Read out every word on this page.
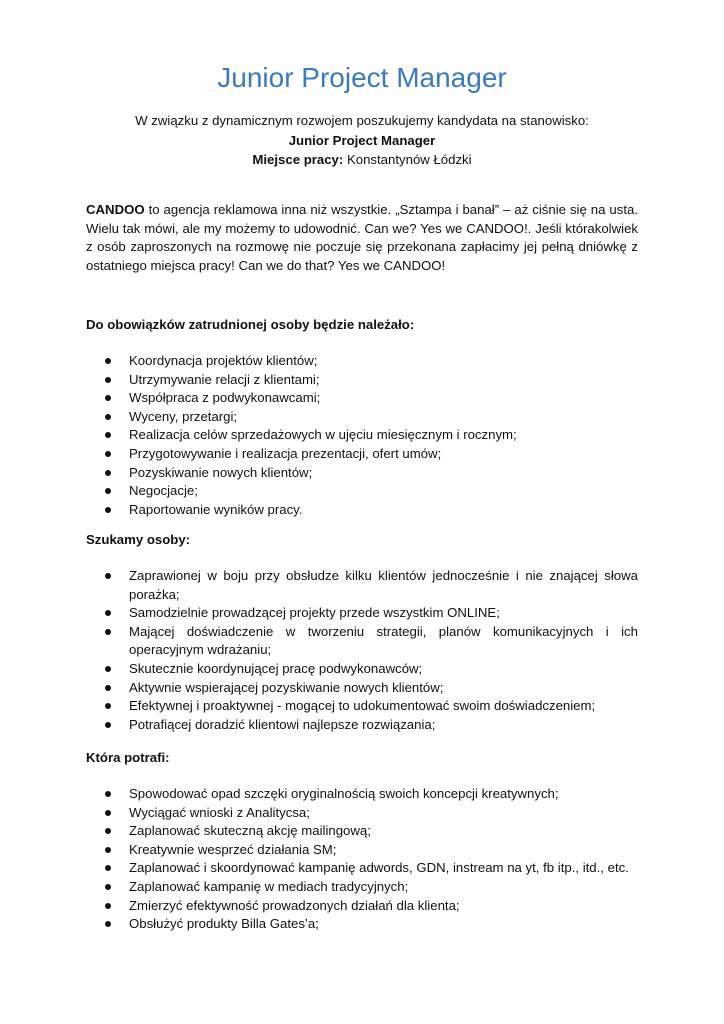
Junior Project Manager
W związku z dynamicznym rozwojem poszukujemy kandydata na stanowisko:
Junior Project Manager
Miejsce pracy: Konstantynów Łódzki

CANDOO to agencja reklamowa inna niż wszystkie. „Sztampa i banał” – aż ciśnie się na usta. Wielu tak mówi, ale my możemy to udowodnić. Can we? Yes we CANDOO!. Jeśli którakolwiek z osób zaproszonych na rozmowę nie poczuje się przekonana zapłacimy jej pełną dniówkę z ostatniego miejsca pracy! Can we do that? Yes we CANDOO!

Do obowiązków zatrudnionej osoby będzie należało:
Koordynacja projektów klientów;
Utrzymywanie relacji z klientami;
Współpraca z podwykonawcami;
Wyceny, przetargi;
Realizacja celów sprzedażowych w ujęciu miesięcznym i rocznym;
Przygotowywanie i realizacja prezentacji, ofert umów;
Pozyskiwanie nowych klientów;
Negocjacje;
Raportowanie wyników pracy.
Szukamy osoby:
Zaprawionej w boju przy obsłudze kilku klientów jednocześnie i nie znającej słowa porażka;
Samodzielnie prowadzącej projekty przede wszystkim ONLINE;
Mającej doświadczenie w tworzeniu strategii, planów komunikacyjnych i ich operacyjnym wdrażaniu;
Skutecznie koordynującej pracę podwykonawców;
Aktywnie wspierającej pozyskiwanie nowych klientów;
Efektywnej i proaktywnej - mogącej to udokumentować swoim doświadczeniem;
Potrafiącej doradzić klientowi najlepsze rozwiązania;
Która potrafi:
Spowodować opad szczęki oryginalnością swoich koncepcji kreatywnych;
Wyciągać wnioski z Analitycsa;
Zaplanować skuteczną akcję mailingową;
Kreatywnie wesprzeć działania SM;
Zaplanować i skoordynować kampanię adwords, GDN, instream na yt, fb itp., itd., etc.
Zaplanować kampanię w mediach tradycyjnych;
Zmierzyć efektywność prowadzonych działań dla klienta;
Obsłużyć produkty Billa Gates’a;
